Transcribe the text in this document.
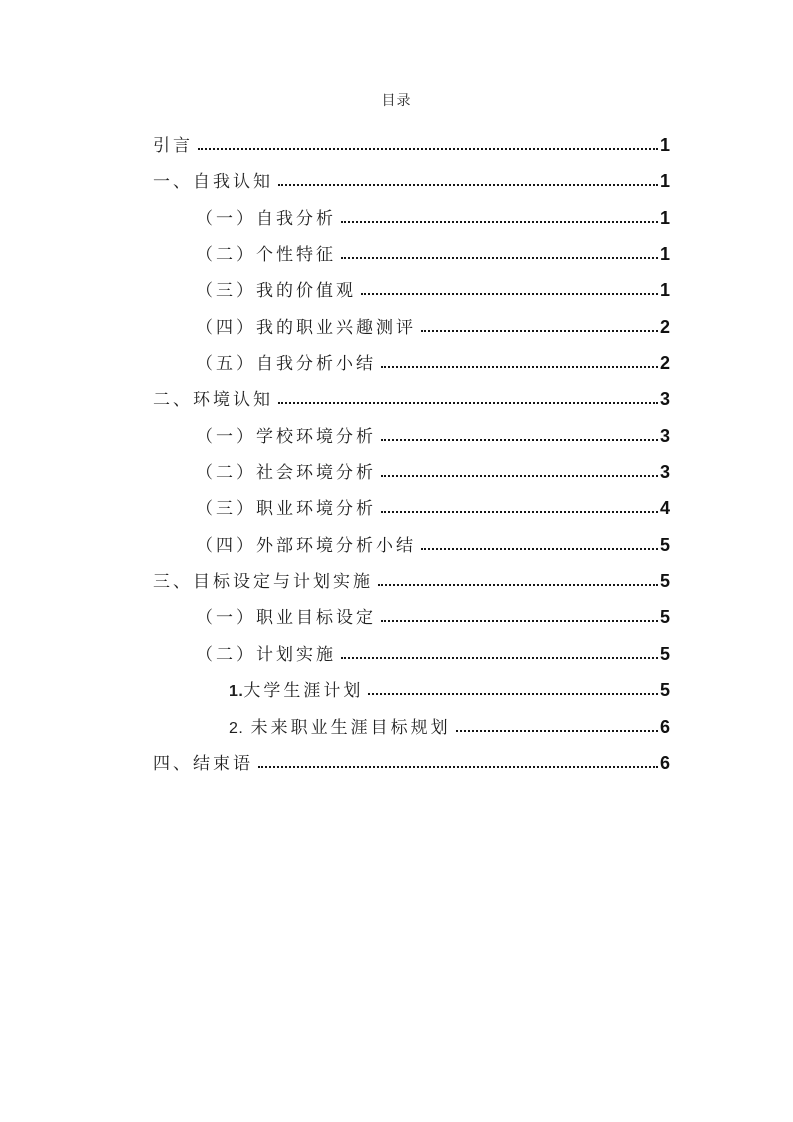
目录
引言	1
一、自我认知	1
（一）自我分析	1
（二）个性特征	1
（三）我的价值观	1
（四）我的职业兴趣测评	2
（五）自我分析小结	2
二、环境认知	3
（一）学校环境分析	3
（二）社会环境分析	3
（三）职业环境分析	4
（四）外部环境分析小结	5
三、目标设定与计划实施	5
（一）职业目标设定	5
（二）计划实施	5
1. 大学生涯计划	5
2. 未来职业生涯目标规划	6
四、结束语	6
